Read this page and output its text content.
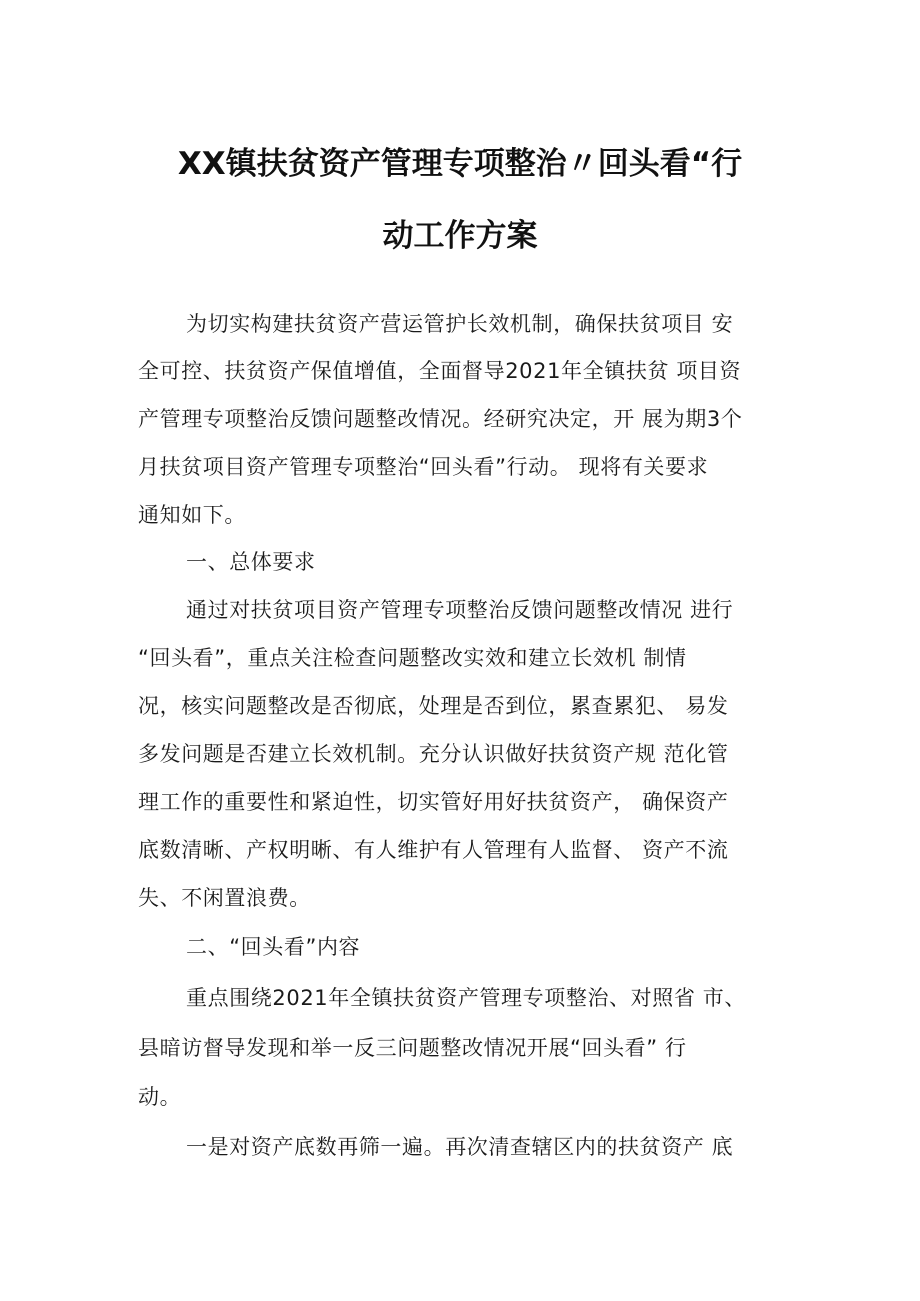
XX镇扶贫资产管理专项整治〃回头看“行
动工作方案
为切实构建扶贫资产营运管护长效机制，确保扶贫项目 安
全可控、扶贫资产保值增值，全面督导2021年全镇扶贫 项目资
产管理专项整治反馈问题整改情况。经研究决定，开 展为期3个
月扶贫项目资产管理专项整治“回头看”行动。 现将有关要求
通知如下。
一、总体要求
通过对扶贫项目资产管理专项整治反馈问题整改情况 进行
“回头看”，重点关注检查问题整改实效和建立长效机 制情
况，核实问题整改是否彻底，处理是否到位，累查累犯、 易发
多发问题是否建立长效机制。充分认识做好扶贫资产规 范化管
理工作的重要性和紧迫性，切实管好用好扶贫资产， 确保资产
底数清晰、产权明晰、有人维护有人管理有人监督、 资产不流
失、不闲置浪费。
二、“回头看”内容
重点围绕2021年全镇扶贫资产管理专项整治、对照省 市、
县暗访督导发现和举一反三问题整改情况开展“回头看” 行
动。
一是对资产底数再筛一遍。再次清查辖区内的扶贫资产 底
